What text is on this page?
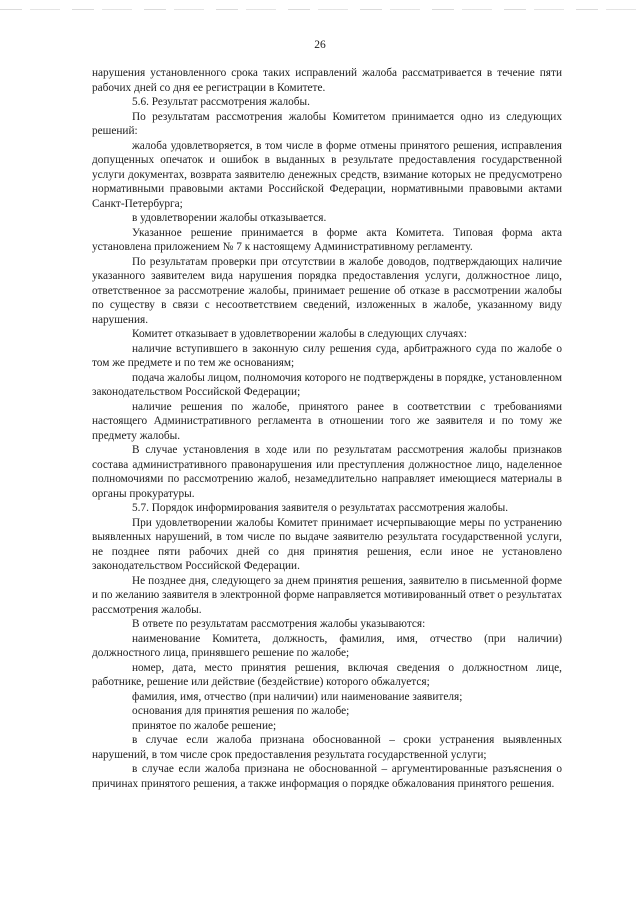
26

нарушения установленного срока таких исправлений жалоба рассматривается в течение пяти рабочих дней со дня ее регистрации в Комитете.

5.6. Результат рассмотрения жалобы.

По результатам рассмотрения жалобы Комитетом принимается одно из следующих решений:

жалоба удовлетворяется, в том числе в форме отмены принятого решения, исправления допущенных опечаток и ошибок в выданных в результате предоставления государственной услуги документах, возврата заявителю денежных средств, взимание которых не предусмотрено нормативными правовыми актами Российской Федерации, нормативными правовыми актами Санкт-Петербурга;

в удовлетворении жалобы отказывается.

Указанное решение принимается в форме акта Комитета. Типовая форма акта установлена приложением № 7 к настоящему Административному регламенту.

По результатам проверки при отсутствии в жалобе доводов, подтверждающих наличие указанного заявителем вида нарушения порядка предоставления услуги, должностное лицо, ответственное за рассмотрение жалобы, принимает решение об отказе в рассмотрении жалобы по существу в связи с несоответствием сведений, изложенных в жалобе, указанному виду нарушения.

Комитет отказывает в удовлетворении жалобы в следующих случаях:

наличие вступившего в законную силу решения суда, арбитражного суда по жалобе о том же предмете и по тем же основаниям;

подача жалобы лицом, полномочия которого не подтверждены в порядке, установленном законодательством Российской Федерации;

наличие решения по жалобе, принятого ранее в соответствии с требованиями настоящего Административного регламента в отношении того же заявителя и по тому же предмету жалобы.

В случае установления в ходе или по результатам рассмотрения жалобы признаков состава административного правонарушения или преступления должностное лицо, наделенное полномочиями по рассмотрению жалоб, незамедлительно направляет имеющиеся материалы в органы прокуратуры.

5.7. Порядок информирования заявителя о результатах рассмотрения жалобы.

При удовлетворении жалобы Комитет принимает исчерпывающие меры по устранению выявленных нарушений, в том числе по выдаче заявителю результата государственной услуги, не позднее пяти рабочих дней со дня принятия решения, если иное не установлено законодательством Российской Федерации.

Не позднее дня, следующего за днем принятия решения, заявителю в письменной форме и по желанию заявителя в электронной форме направляется мотивированный ответ о результатах рассмотрения жалобы.

В ответе по результатам рассмотрения жалобы указываются:

наименование Комитета, должность, фамилия, имя, отчество (при наличии) должностного лица, принявшего решение по жалобе;

номер, дата, место принятия решения, включая сведения о должностном лице, работнике, решение или действие (бездействие) которого обжалуется;

фамилия, имя, отчество (при наличии) или наименование заявителя;

основания для принятия решения по жалобе;

принятое по жалобе решение;

в случае если жалоба признана обоснованной – сроки устранения выявленных нарушений, в том числе срок предоставления результата государственной услуги;

в случае если жалоба признана не обоснованной – аргументированные разъяснения о причинах принятого решения, а также информация о порядке обжалования принятого решения.
